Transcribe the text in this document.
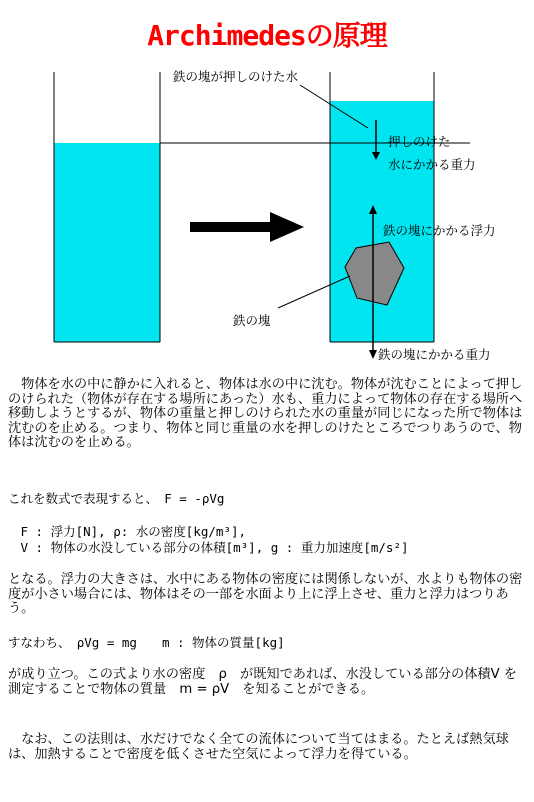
Archimedesの原理
鉄の塊が押しのけた水
押しのけた
水にかかる重力
鉄の塊にかかる浮力
鉄の塊
鉄の塊にかかる重力
　物体を水の中に静かに入れると、物体は水の中に沈む。物体が沈むことによって押しのけられた（物体が存在する場所にあった）水も、重力によって物体の存在する場所へ移動しようとするが、物体の重量と押しのけられた水の重量が同じになった所で物体は沈むのを止める。つまり、物体と同じ重量の水を押しのけたところでつりあうので、物体は沈むのを止める。
これを数式で表現すると、　F = -ρVg
　F : 浮力[N], ρ: 水の密度[kg/m³],
　V : 物体の水没している部分の体積[m³], g : 重力加速度[m/s²]
となる。浮力の大きさは、水中にある物体の密度には関係しないが、水よりも物体の密度が小さい場合には、物体はその一部を水面より上に浮上させ、重力と浮力はつりあう。
すなわち、　ρVg = mg　　m : 物体の質量[kg]
が成り立つ。この式より水の密度　ρ　が既知であれば、水没している部分の体積V を測定することで物体の質量　m = ρV　を知ることができる。
　なお、この法則は、水だけでなく全ての流体について当てはまる。たとえば熱気球は、加熱することで密度を低くさせた空気によって浮力を得ている。
